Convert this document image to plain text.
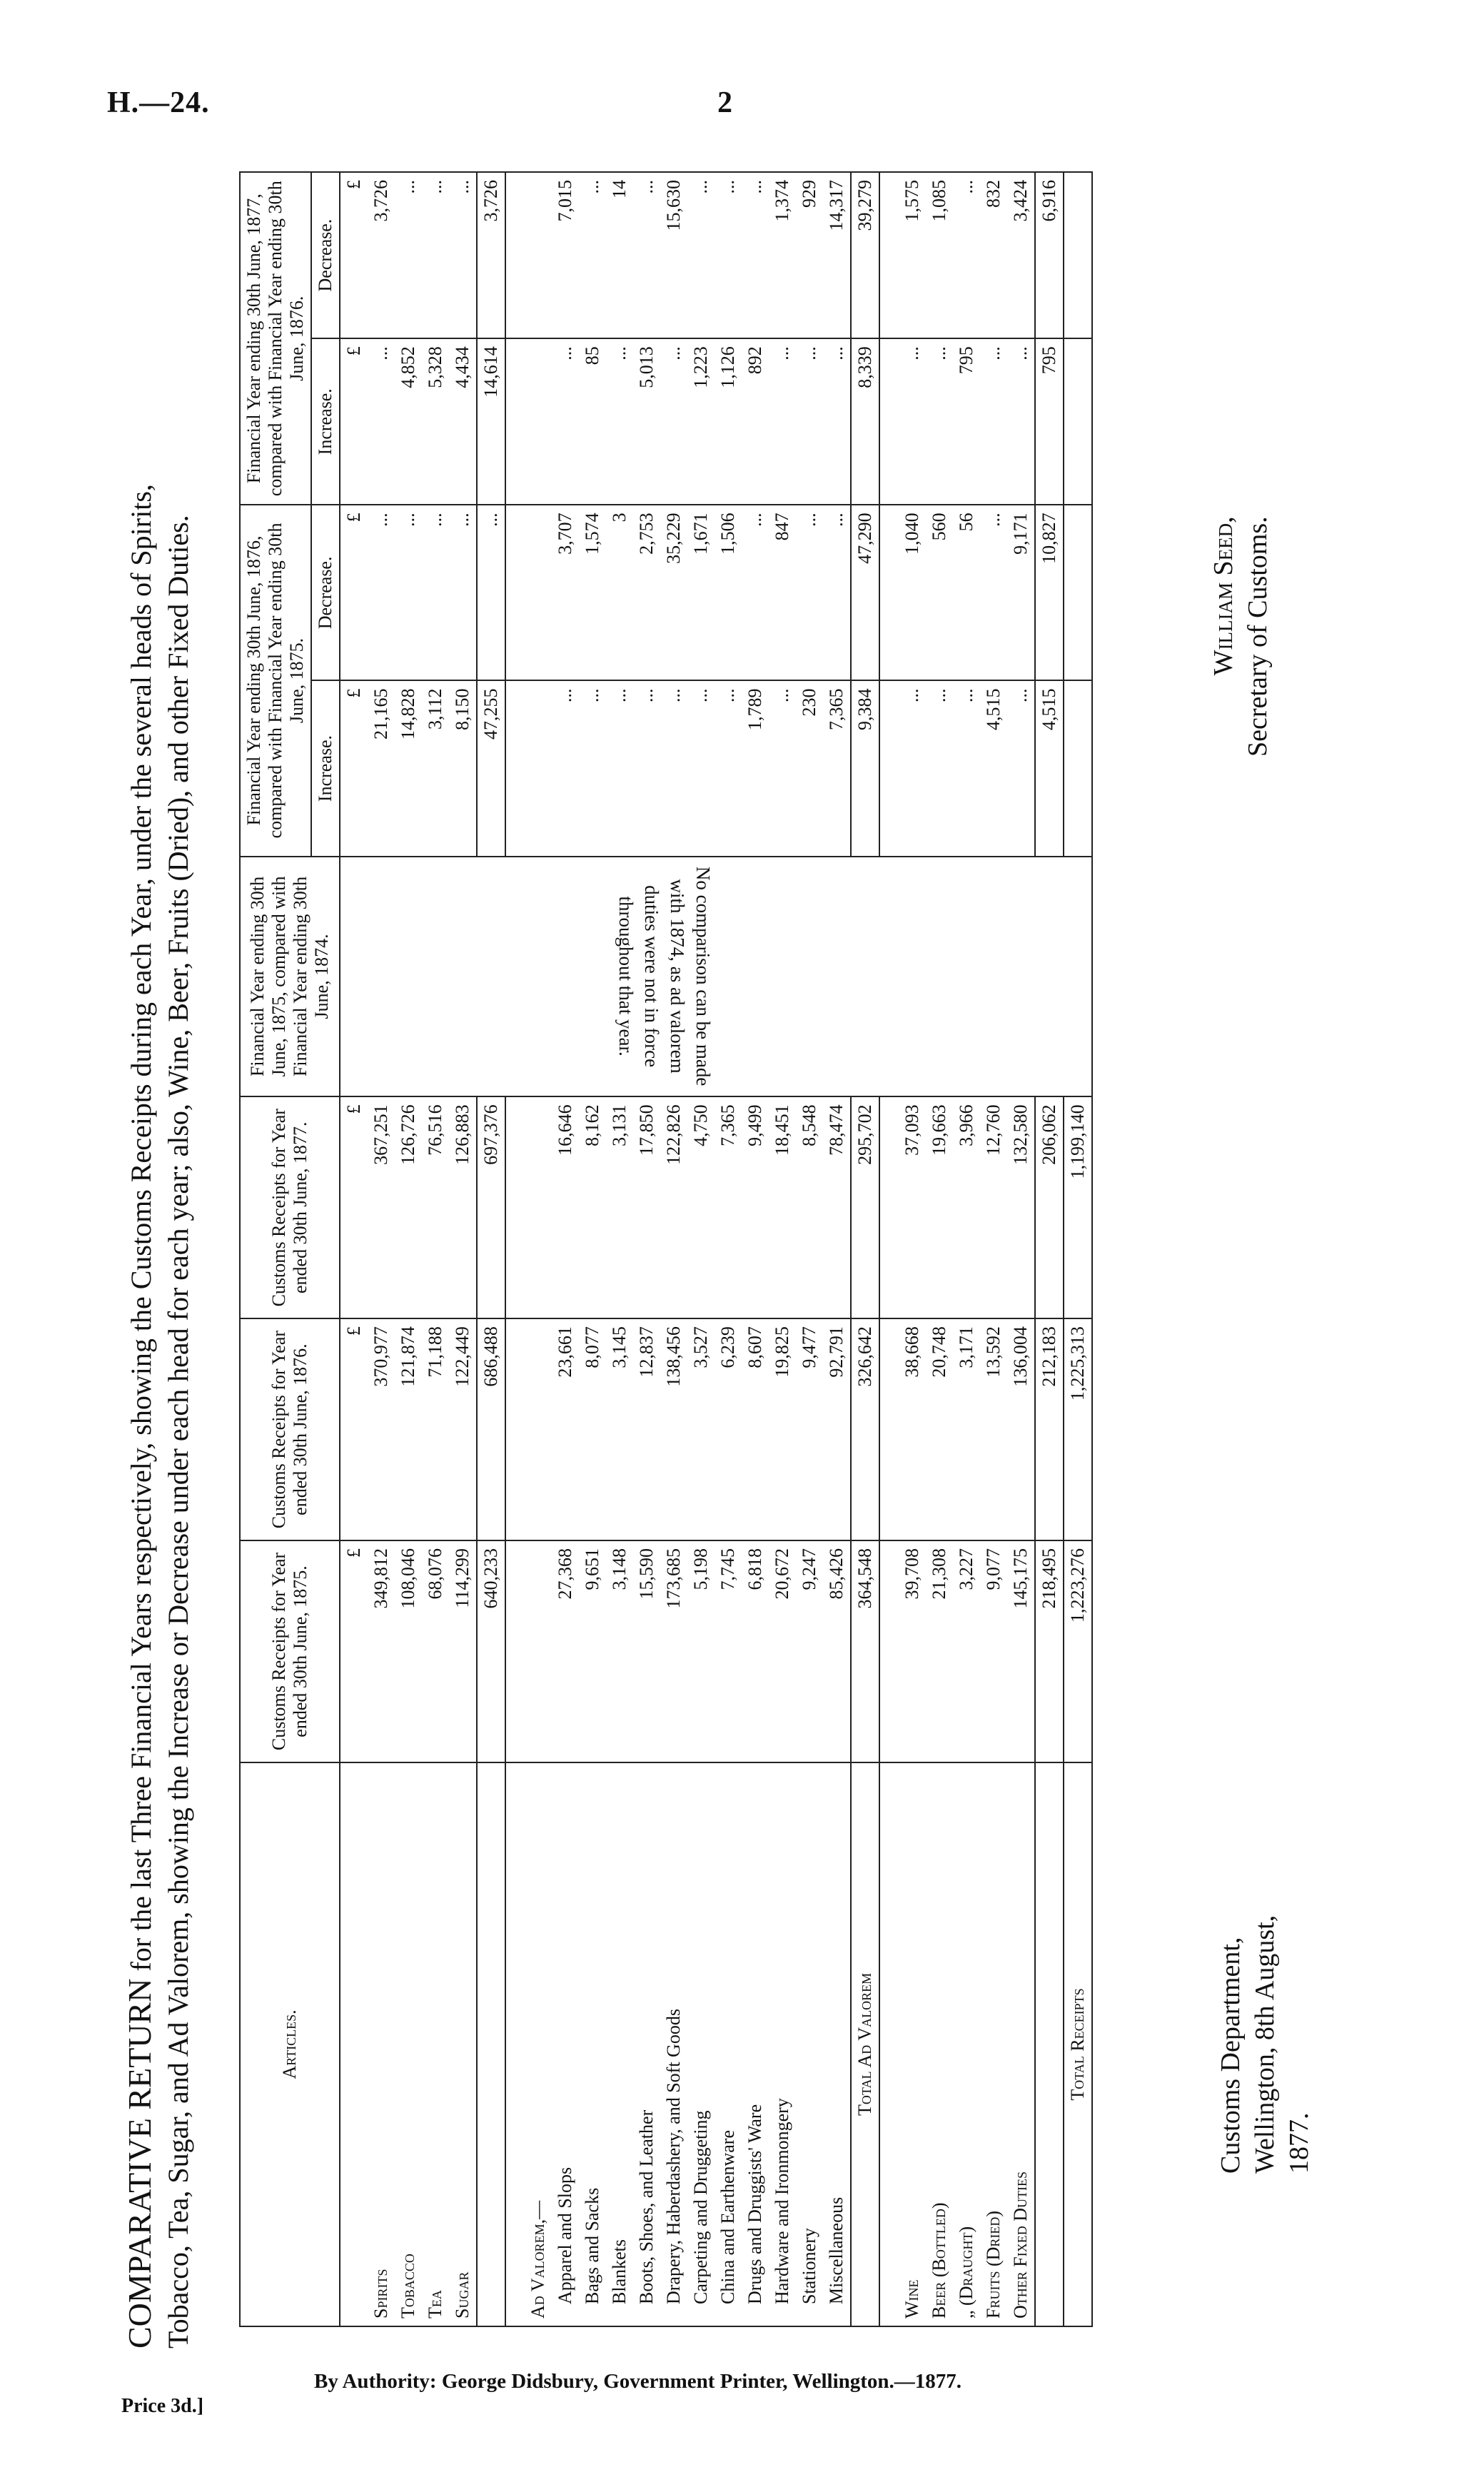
H.—24.	2
COMPARATIVE RETURN for the last Three Financial Years respectively, showing the Customs Receipts during each Year, under the several heads of Spirits, Tobacco, Tea, Sugar, and Ad Valorem, showing the Increase or Decrease under each head for each year; also, Wine, Beer, Fruits (Dried), and other Fixed Duties.	Articles.	Customs Receipts for Year ended 30th June, 1875.	Customs Receipts for Year ended 30th June, 1876.	Customs Receipts for Year ended 30th June, 1877.	Financial Year ending 30th June, 1875, compared with Financial Year ending 30th June, 1874.	Financial Year ending 30th June, 1876, compared with Financial Year ending 30th June, 1875.		Financial Year ending 30th June, 1877, compared with Financial Year ending 30th June, 1876.	
					Increase.	Decrease.	Increase.	Decrease.
	£	£	£	No comparison can be made with 1874, as ad valorem duties were not in force throughout that year.	£	£	£	£
Spirits	349,812	370,977	367,251		21,165	...	...	3,726
Tobacco	108,046	121,874	126,726		14,828	...	4,852	...
Tea	68,076	71,188	76,516		3,112	...	5,328	...
Sugar	114,299	122,449	126,883		8,150	...	4,434	...
	640,233	686,488	697,376		47,255	...	14,614	3,726

Ad Valorem,—								
Apparel and Slops	27,368	23,661	16,646		...	3,707	...	7,015
Bags and Sacks	9,651	8,077	8,162		...	1,574	85	...
Blankets	3,148	3,145	3,131		...	3	...	14
Boots, Shoes, and Leather	15,590	12,837	17,850		...	2,753	5,013	...
Drapery, Haberdashery, and Soft Goods	173,685	138,456	122,826		...	35,229	...	15,630
Carpeting and Druggeting	5,198	3,527	4,750		...	1,671	1,223	...
China and Earthenware	7,745	6,239	7,365		...	1,506	1,126	...
Drugs and Druggists' Ware	6,818	8,607	9,499		1,789	...	892	...
Hardware and Ironmongery	20,672	19,825	18,451		...	847	...	1,374
Stationery	9,247	9,477	8,548		230	...	...	929
Miscellaneous	85,426	92,791	78,474		7,365	...	...	14,317
Total Ad Valorem	364,548	326,642	295,702		9,384	47,290	8,339	39,279

Wine	39,708	38,668	37,093		...	1,040	...	1,575
Beer (Bottled)	21,308	20,748	19,663		...	560	...	1,085
„ (Draught)	3,227	3,171	3,966		...	56	795	...
Fruits (Dried)	9,077	13,592	12,760		4,515	...	...	832
Other Fixed Duties	145,175	136,004	132,580		...	9,171	...	3,424
	218,495	212,183	206,062		4,515	10,827	795	6,916
Total Receipts	1,223,276	1,225,313	1,199,140					
Customs Department, Wellington, 8th August, 1877.
William Seed, Secretary of Customs.
Price 3d.]
By Authority: George Didsbury, Government Printer, Wellington.—1877.
